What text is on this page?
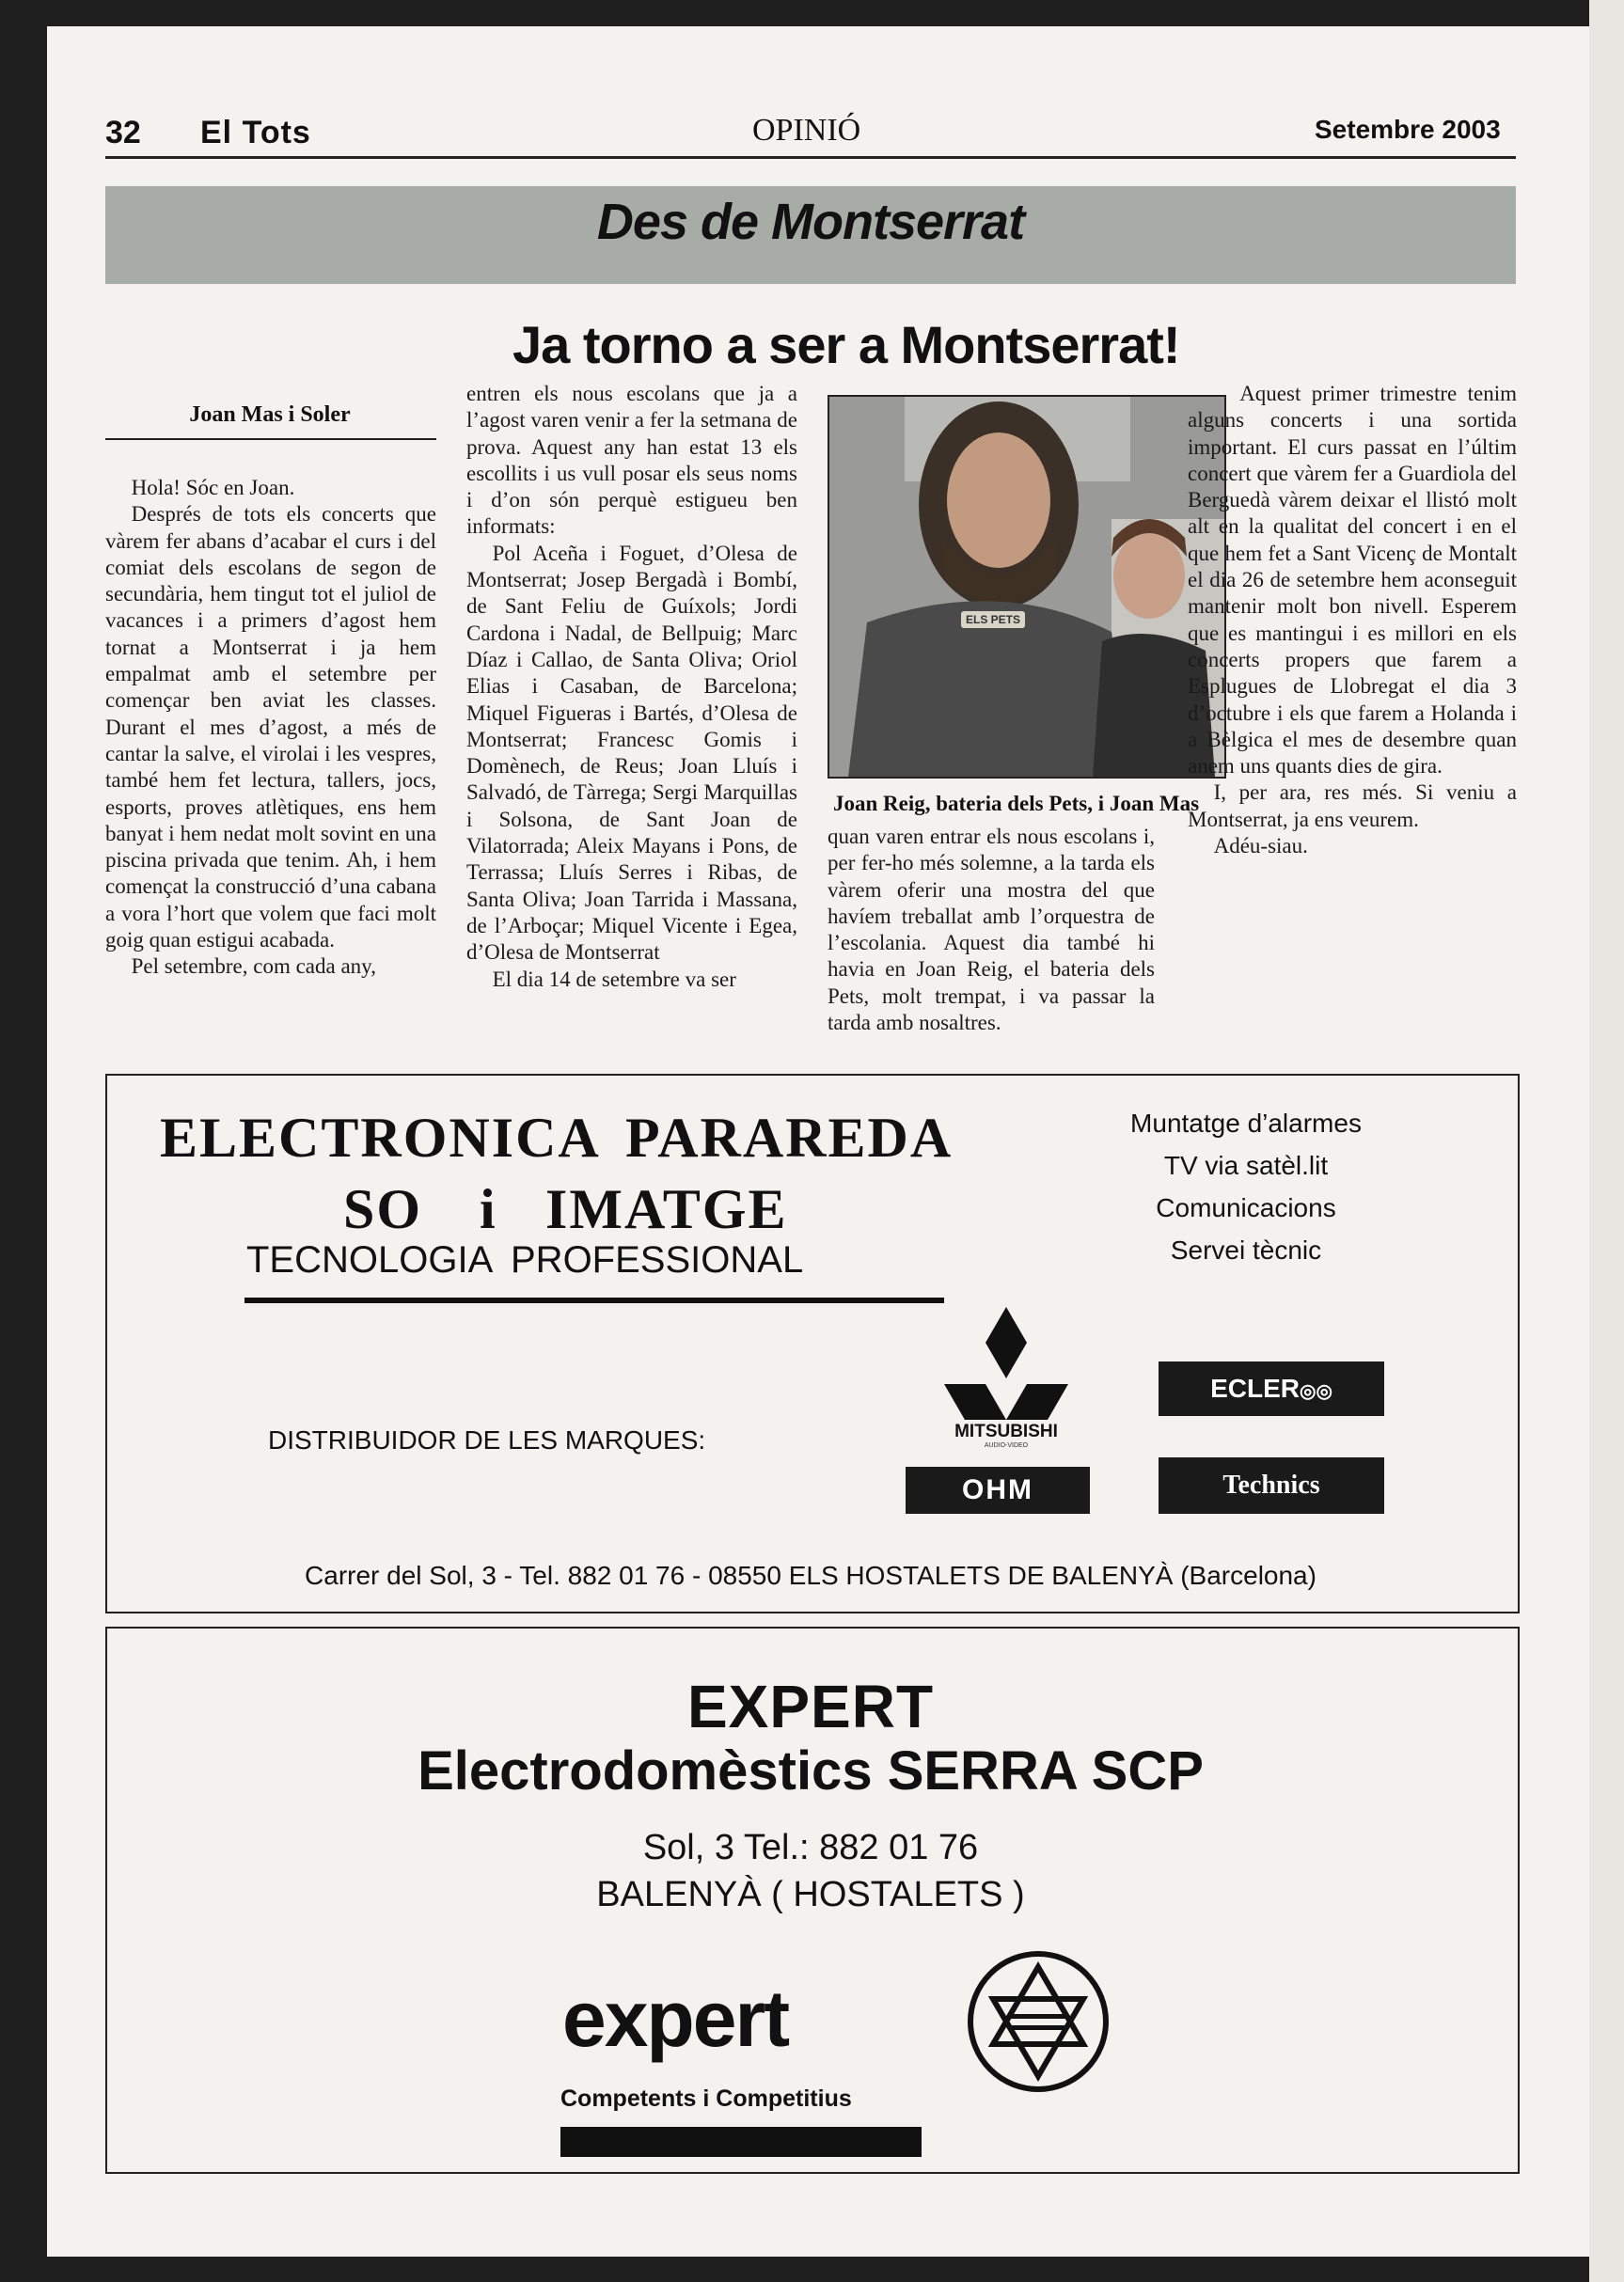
32 El Tots	OPINIÓ	Setembre 2003
Des de Montserrat
Ja torno a ser a Montserrat!
Joan Mas i Soler

Hola! Sóc en Joan.

Després de tots els concerts que vàrem fer abans d’acabar el curs i del comiat dels escolans de segon de secundària, hem tingut tot el juliol de vacances i a primers d’agost hem tornat a Montserrat i ja hem empalmat amb el setembre per començar ben aviat les classes. Durant el mes d’agost, a més de cantar la salve, el virolai i les vespres, també hem fet lectura, tallers, jocs, esports, proves atlètiques, ens hem banyat i hem nedat molt sovint en una piscina privada que tenim. Ah, i hem començat la construcció d’una cabana a vora l’hort que volem que faci molt goig quan estigui acabada.

Pel setembre, com cada any,

entren els nous escolans que ja a l’agost varen venir a fer la setmana de prova. Aquest any han estat 13 els escollits i us vull posar els seus noms i d’on són perquè estigueu ben informats:

Pol Aceña i Foguet, d’Olesa de Montserrat; Josep Bergadà i Bombí, de Sant Feliu de Guíxols; Jordi Cardona i Nadal, de Bellpuig; Marc Díaz i Callao, de Santa Oliva; Oriol Elias i Casaban, de Barcelona; Miquel Figueras i Bartés, d’Olesa de Montserrat; Francesc Gomis i Domènech, de Reus; Joan Lluís i Salvadó, de Tàrrega; Sergi Marquillas i Solsona, de Sant Joan de Vilatorrada; Aleix Mayans i Pons, de Terrassa; Lluís Serres i Ribas, de Santa Oliva; Joan Tarrida i Massana, de l’Arboçar; Miquel Vicente i Egea, d’Olesa de Montserrat

El dia 14 de setembre va ser

ELS PETS
Joan Reig, bateria dels Pets, i Joan Mas

quan varen entrar els nous escolans i, per fer-ho més solemne, a la tarda els vàrem oferir una mostra del que havíem treballat amb l’orquestra de l’escolania. Aquest dia també hi havia en Joan Reig, el bateria dels Pets, molt trempat, i va passar la tarda amb nosaltres.

Aquest primer trimestre tenim alguns concerts i una sortida important. El curs passat en l’últim concert que vàrem fer a Guardiola del Berguedà vàrem deixar el llistó molt alt en la qualitat del concert i en el que hem fet a Sant Vicenç de Montalt el dia 26 de setembre hem aconseguit mantenir molt bon nivell. Esperem que es mantingui i es millori en els concerts propers que farem a Esplugues de Llobregat el dia 3 d’octubre i els que farem a Holanda i a Bèlgica el mes de desembre quan anem uns quants dies de gira.

I, per ara, res més. Si veniu a Montserrat, ja ens veurem.

Adéu-siau.

ELECTRONICA PARAREDA
SO i IMATGE
TECNOLOGIA PROFESSIONAL
Muntatge d’alarmes
TV via satèl.lit
Comunicacions
Servei tècnic
MITSUBISHI
AUDIO-VIDEO
ECLER◎◎
OHM	Technics
DISTRIBUIDOR DE LES MARQUES:
Carrer del Sol, 3 - Tel. 882 01 76 - 08550 ELS HOSTALETS DE BALENYÀ (Barcelona)
EXPERT
Electrodomèstics SERRA SCP
Sol, 3 Tel.: 882 01 76
BALENYÀ ( HOSTALETS )
expert
Competents i Competitius
